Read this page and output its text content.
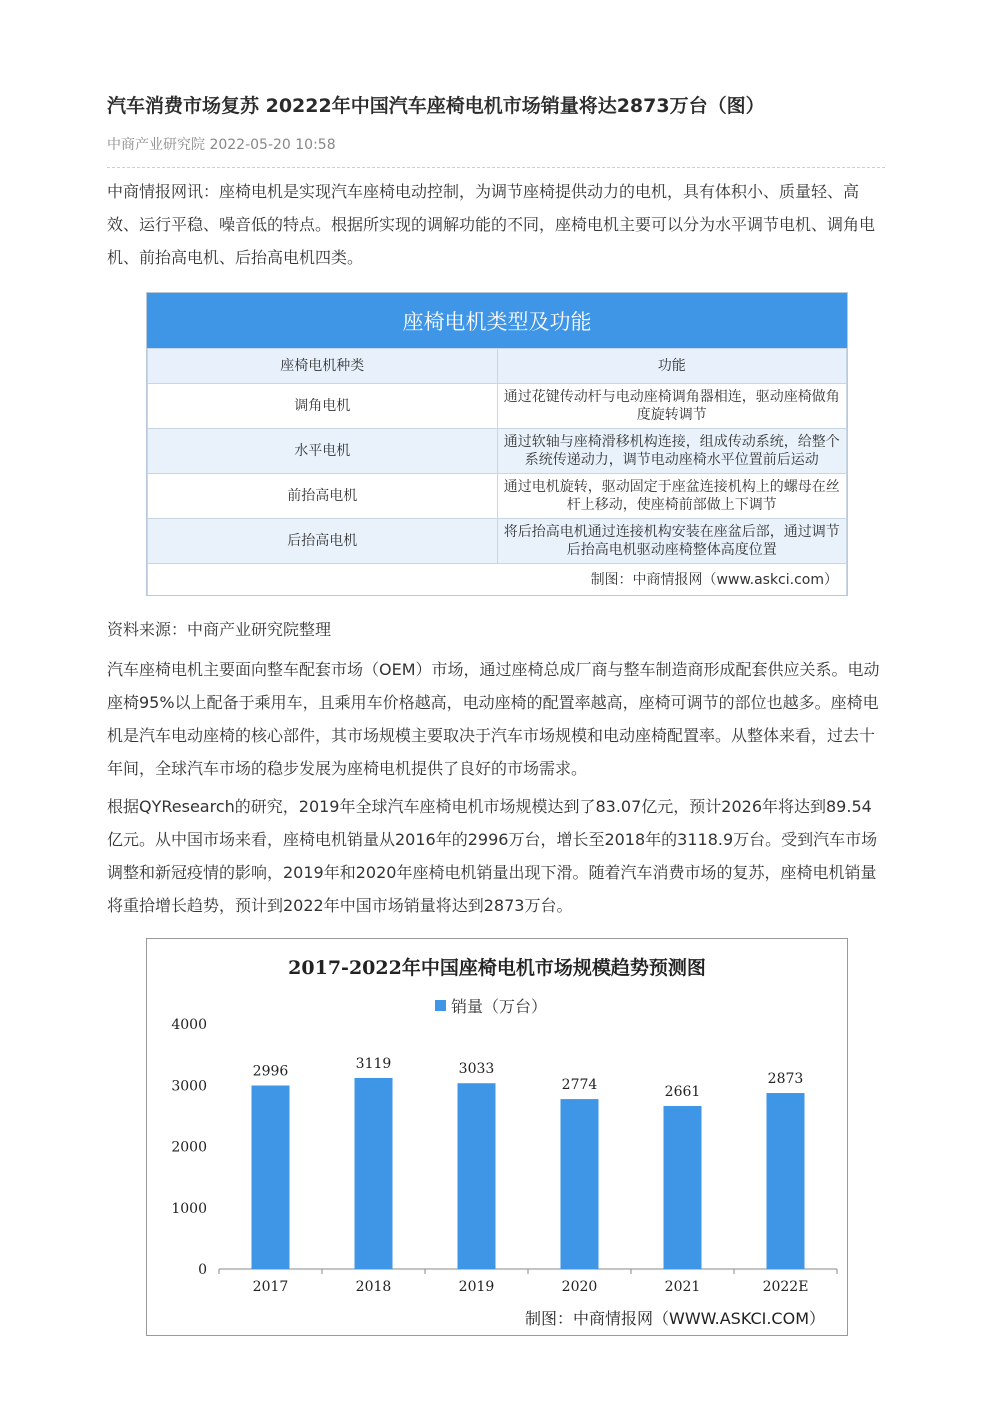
汽车消费市场复苏 20222年中国汽车座椅电机市场销量将达2873万台（图）
中商产业研究院 2022-05-20 10:58

中商情报网讯：座椅电机是实现汽车座椅电动控制，为调节座椅提供动力的电机，具有体积小、质量轻、高效、运行平稳、噪音低的特点。根据所实现的调解功能的不同，座椅电机主要可以分为水平调节电机、调角电机、前抬高电机、后抬高电机四类。

座椅电机类型及功能
座椅电机种类	功能
调角电机	通过花键传动杆与电动座椅调角器相连，驱动座椅做角度旋转调节
水平电机	通过软轴与座椅滑移机构连接，组成传动系统，给整个系统传递动力，调节电动座椅水平位置前后运动
前抬高电机	通过电机旋转，驱动固定于座盆连接机构上的螺母在丝杆上移动，使座椅前部做上下调节
后抬高电机	将后抬高电机通过连接机构安装在座盆后部，通过调节后抬高电机驱动座椅整体高度位置
制图：中商情报网（www.askci.com）	
资料来源：中商产业研究院整理

汽车座椅电机主要面向整车配套市场（OEM）市场，通过座椅总成厂商与整车制造商形成配套供应关系。电动座椅95%以上配备于乘用车，且乘用车价格越高，电动座椅的配置率越高，座椅可调节的部位也越多。座椅电机是汽车电动座椅的核心部件，其市场规模主要取决于汽车市场规模和电动座椅配置率。从整体来看，过去十年间，全球汽车市场的稳步发展为座椅电机提供了良好的市场需求。

根据QYResearch的研究，2019年全球汽车座椅电机市场规模达到了83.07亿元，预计2026年将达到89.54亿元。从中国市场来看，座椅电机销量从2016年的2996万台，增长至2018年的3118.9万台。受到汽车市场调整和新冠疫情的影响，2019年和2020年座椅电机销量出现下滑。随着汽车消费市场的复苏，座椅电机销量将重拾增长趋势，预计到2022年中国市场销量将达到2873万台。

2017-2022年中国座椅电机市场规模趋势预测图
销量（万台）
0
1000
2000
3000
4000
2996
2017
3119
2018
3033
2019
2774
2020
2661
2021
2873
2022E
制图：中商情报网（WWW.ASKCI.COM）
